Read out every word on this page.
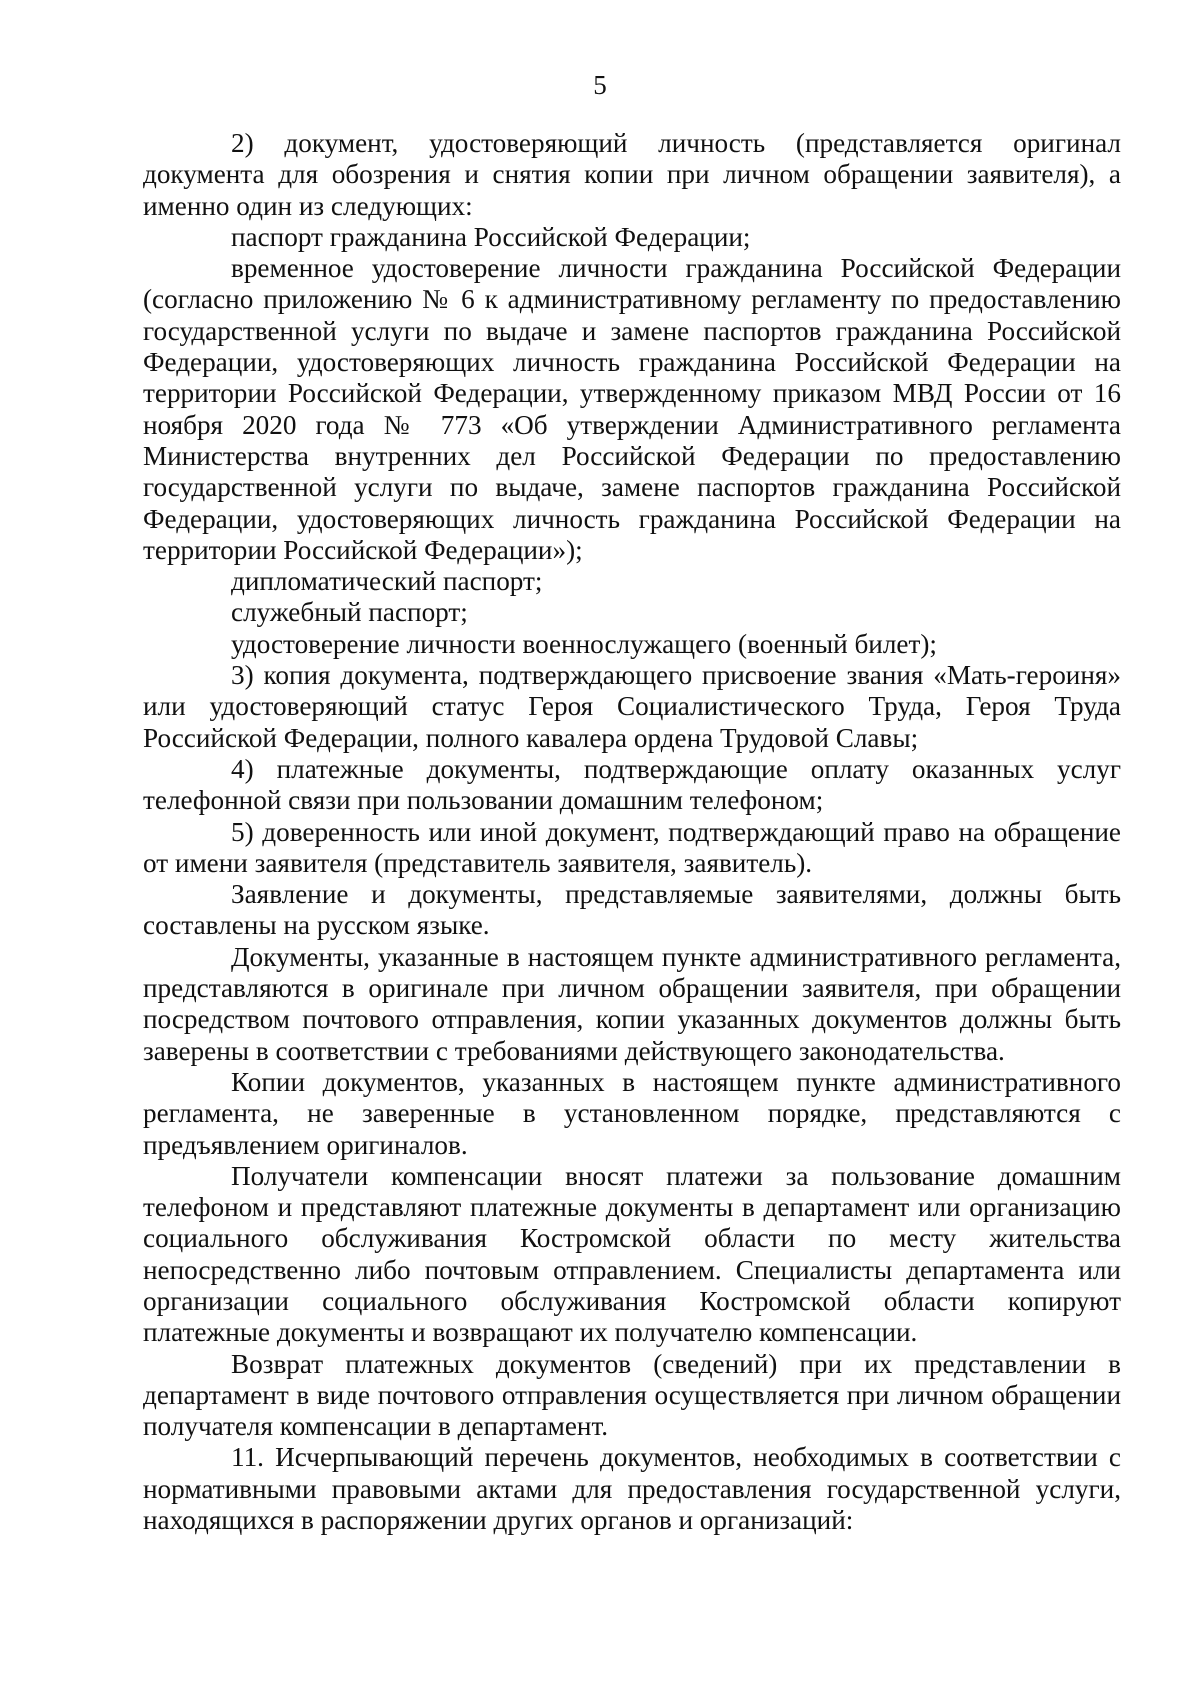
5

2) документ, удостоверяющий личность (представляется оригинал документа для обозрения и снятия копии при личном обращении заявителя), а именно один из следующих:

паспорт гражданина Российской Федерации;

временное удостоверение личности гражданина Российской Федерации (согласно приложению № 6 к административному регламенту по предоставлению государственной услуги по выдаче и замене паспортов гражданина Российской Федерации, удостоверяющих личность гражданина Российской Федерации на территории Российской Федерации, утвержденному приказом МВД России от 16 ноября 2020 года № 773 «Об утверждении Административного регламента Министерства внутренних дел Российской Федерации по предоставлению государственной услуги по выдаче, замене паспортов гражданина Российской Федерации, удостоверяющих личность гражданина Российской Федерации на территории Российской Федерации»);

дипломатический паспорт;

служебный паспорт;

удостоверение личности военнослужащего (военный билет);

3) копия документа, подтверждающего присвоение звания «Мать-героиня» или удостоверяющий статус Героя Социалистического Труда, Героя Труда Российской Федерации, полного кавалера ордена Трудовой Славы;

4) платежные документы, подтверждающие оплату оказанных услуг телефонной связи при пользовании домашним телефоном;

5) доверенность или иной документ, подтверждающий право на обращение от имени заявителя (представитель заявителя, заявитель).

Заявление и документы, представляемые заявителями, должны быть составлены на русском языке.

Документы, указанные в настоящем пункте административного регламента, представляются в оригинале при личном обращении заявителя, при обращении посредством почтового отправления, копии указанных документов должны быть заверены в соответствии с требованиями действующего законодательства.

Копии документов, указанных в настоящем пункте административного регламента, не заверенные в установленном порядке, представляются с предъявлением оригиналов.

Получатели компенсации вносят платежи за пользование домашним телефоном и представляют платежные документы в департамент или организацию социального обслуживания Костромской области по месту жительства непосредственно либо почтовым отправлением. Специалисты департамента или организации социального обслуживания Костромской области копируют платежные документы и возвращают их получателю компенсации.

Возврат платежных документов (сведений) при их представлении в департамент в виде почтового отправления осуществляется при личном обращении получателя компенсации в департамент.

11. Исчерпывающий перечень документов, необходимых в соответствии с нормативными правовыми актами для предоставления государственной услуги, находящихся в распоряжении других органов и организаций:
